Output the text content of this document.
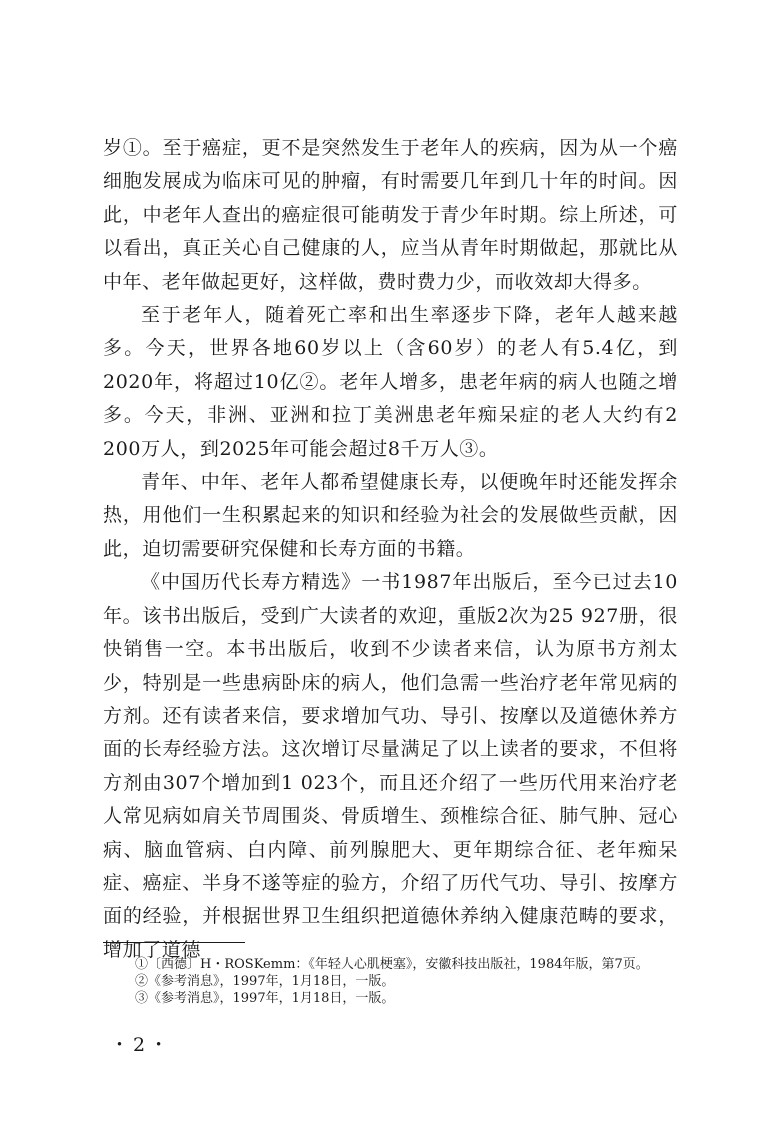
岁①。至于癌症，更不是突然发生于老年人的疾病，因为从一个癌细胞发展成为临床可见的肿瘤，有时需要几年到几十年的时间。因此，中老年人查出的癌症很可能萌发于青少年时期。综上所述，可以看出，真正关心自己健康的人，应当从青年时期做起，那就比从中年、老年做起更好，这样做，费时费力少，而收效却大得多。

至于老年人，随着死亡率和出生率逐步下降，老年人越来越多。今天，世界各地60岁以上（含60岁）的老人有5.4亿，到2020年，将超过10亿②。老年人增多，患老年病的病人也随之增多。今天，非洲、亚洲和拉丁美洲患老年痴呆症的老人大约有2 200万人，到2025年可能会超过8千万人③。

青年、中年、老年人都希望健康长寿，以便晚年时还能发挥余热，用他们一生积累起来的知识和经验为社会的发展做些贡献，因此，迫切需要研究保健和长寿方面的书籍。

《中国历代长寿方精选》一书1987年出版后，至今已过去10年。该书出版后，受到广大读者的欢迎，重版2次为25 927册，很快销售一空。本书出版后，收到不少读者来信，认为原书方剂太少，特别是一些患病卧床的病人，他们急需一些治疗老年常见病的方剂。还有读者来信，要求增加气功、导引、按摩以及道德休养方面的长寿经验方法。这次增订尽量满足了以上读者的要求，不但将方剂由307个增加到1 023个，而且还介绍了一些历代用来治疗老人常见病如肩关节周围炎、骨质增生、颈椎综合征、肺气肿、冠心病、脑血管病、白内障、前列腺肥大、更年期综合征、老年痴呆症、癌症、半身不遂等症的验方，介绍了历代气功、导引、按摩方面的经验，并根据世界卫生组织把道德休养纳入健康范畴的要求，增加了道德

①〔西德〕H・ROSKemm：《年轻人心肌梗塞》，安徽科技出版社，1984年版，第7页。

②《参考消息》，1997年，1月18日，一版。

③《参考消息》，1997年，1月18日，一版。

・2・
